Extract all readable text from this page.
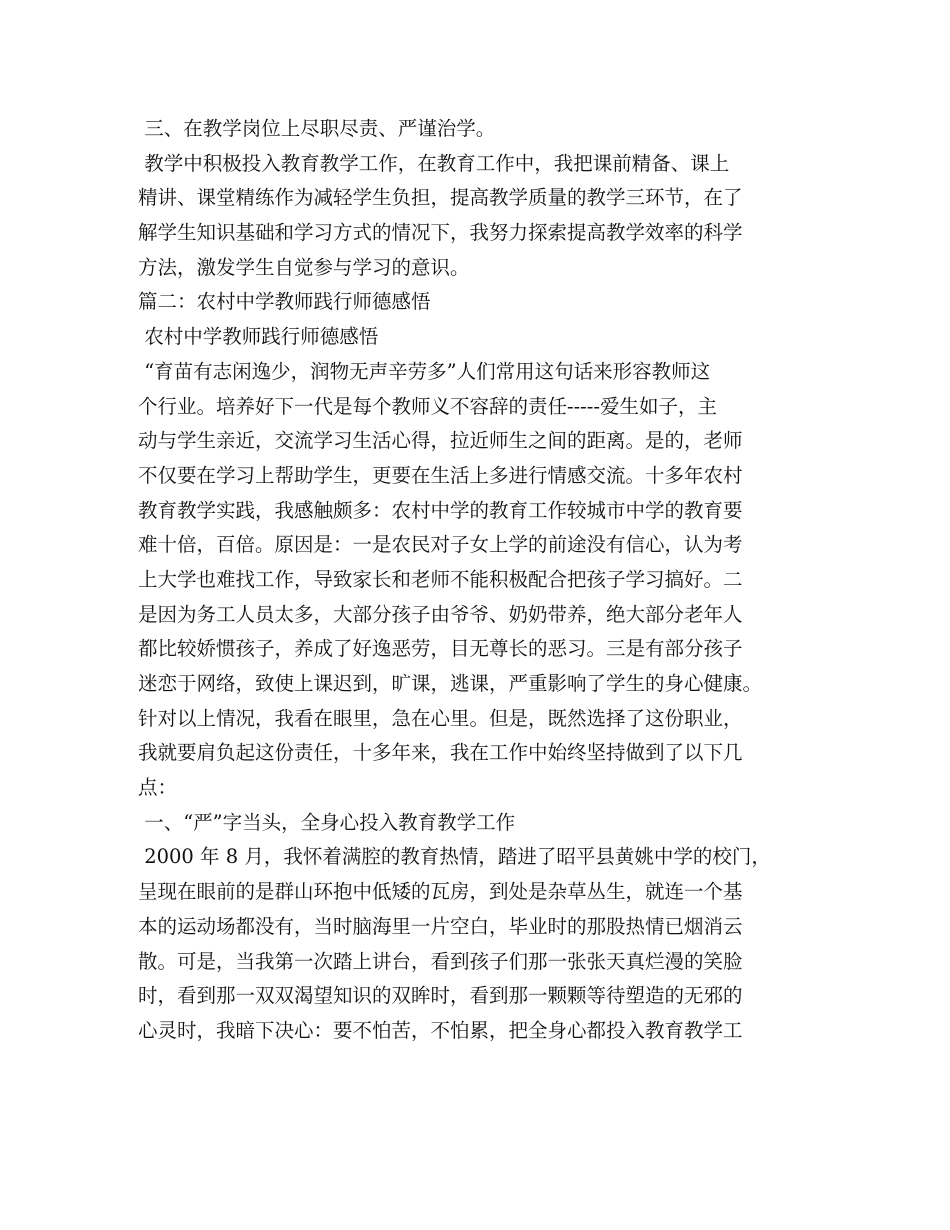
三、在教学岗位上尽职尽责、严谨治学。
教学中积极投入教育教学工作，在教育工作中，我把课前精备、课上
精讲、课堂精练作为减轻学生负担，提高教学质量的教学三环节，在了
解学生知识基础和学习方式的情况下，我努力探索提高教学效率的科学
方法，激发学生自觉参与学习的意识。
篇二：农村中学教师践行师德感悟
农村中学教师践行师德感悟
“育苗有志闲逸少，润物无声辛劳多”人们常用这句话来形容教师这
个行业。培养好下一代是每个教师义不容辞的责任-----爱生如子，主
动与学生亲近，交流学习生活心得，拉近师生之间的距离。是的，老师
不仅要在学习上帮助学生，更要在生活上多进行情感交流。十多年农村
教育教学实践，我感触颇多：农村中学的教育工作较城市中学的教育要
难十倍，百倍。原因是：一是农民对子女上学的前途没有信心，认为考
上大学也难找工作，导致家长和老师不能积极配合把孩子学习搞好。二
是因为务工人员太多，大部分孩子由爷爷、奶奶带养，绝大部分老年人
都比较娇惯孩子，养成了好逸恶劳，目无尊长的恶习。三是有部分孩子
迷恋于网络，致使上课迟到，旷课，逃课，严重影响了学生的身心健康。
针对以上情况，我看在眼里，急在心里。但是，既然选择了这份职业，
我就要肩负起这份责任，十多年来，我在工作中始终坚持做到了以下几
点：
一、“严”字当头，全身心投入教育教学工作
2000 年 8 月，我怀着满腔的教育热情，踏进了昭平县黄姚中学的校门，
呈现在眼前的是群山环抱中低矮的瓦房，到处是杂草丛生，就连一个基
本的运动场都没有，当时脑海里一片空白，毕业时的那股热情已烟消云
散。可是，当我第一次踏上讲台，看到孩子们那一张张天真烂漫的笑脸
时，看到那一双双渴望知识的双眸时，看到那一颗颗等待塑造的无邪的
心灵时，我暗下决心：要不怕苦，不怕累，把全身心都投入教育教学工
